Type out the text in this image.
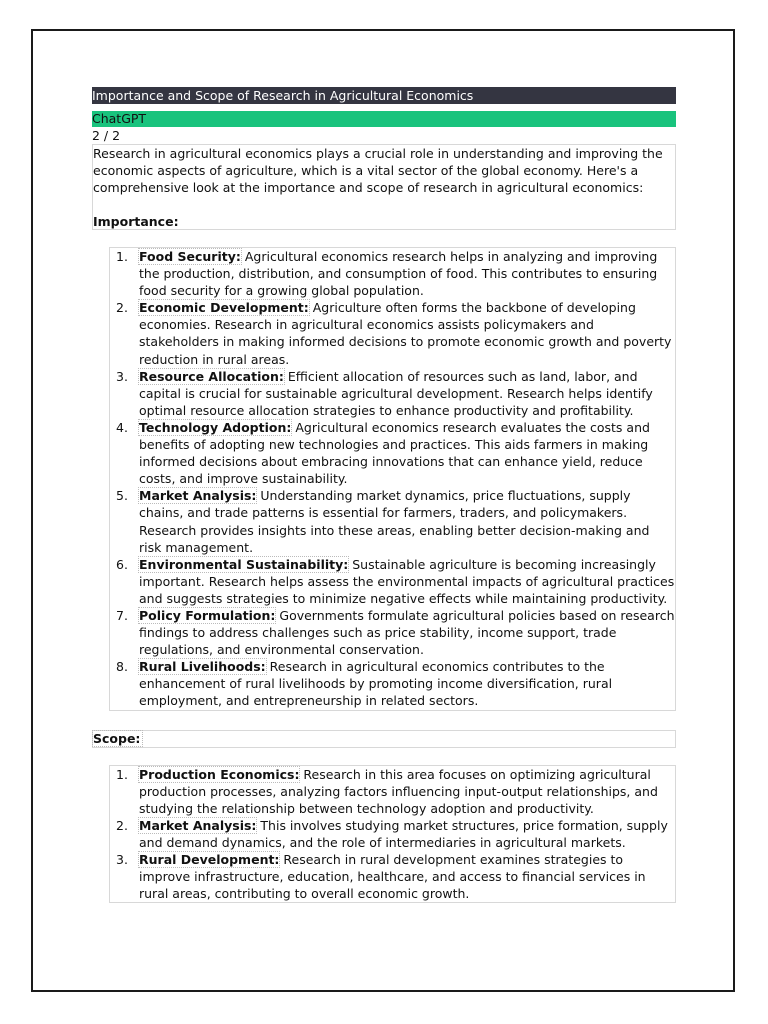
Importance and Scope of Research in Agricultural Economics
ChatGPT
2 / 2

Research in agricultural economics plays a crucial role in understanding and improving the economic aspects of agriculture, which is a vital sector of the global economy. Here's a comprehensive look at the importance and scope of research in agricultural economics:

Importance:
1. Food Security: Agricultural economics research helps in analyzing and improving the production, distribution, and consumption of food. This contributes to ensuring food security for a growing global population.
2. Economic Development: Agriculture often forms the backbone of developing economies. Research in agricultural economics assists policymakers and stakeholders in making informed decisions to promote economic growth and poverty reduction in rural areas.
3. Resource Allocation: Efficient allocation of resources such as land, labor, and capital is crucial for sustainable agricultural development. Research helps identify optimal resource allocation strategies to enhance productivity and profitability.
4. Technology Adoption: Agricultural economics research evaluates the costs and benefits of adopting new technologies and practices. This aids farmers in making informed decisions about embracing innovations that can enhance yield, reduce costs, and improve sustainability.
5. Market Analysis: Understanding market dynamics, price fluctuations, supply chains, and trade patterns is essential for farmers, traders, and policymakers. Research provides insights into these areas, enabling better decision-making and risk management.
6. Environmental Sustainability: Sustainable agriculture is becoming increasingly important. Research helps assess the environmental impacts of agricultural practices and suggests strategies to minimize negative effects while maintaining productivity.
7. Policy Formulation: Governments formulate agricultural policies based on research findings to address challenges such as price stability, income support, trade regulations, and environmental conservation.
8. Rural Livelihoods: Research in agricultural economics contributes to the enhancement of rural livelihoods by promoting income diversification, rural employment, and entrepreneurship in related sectors.
Scope:
1. Production Economics: Research in this area focuses on optimizing agricultural production processes, analyzing factors influencing input-output relationships, and studying the relationship between technology adoption and productivity.
2. Market Analysis: This involves studying market structures, price formation, supply and demand dynamics, and the role of intermediaries in agricultural markets.
3. Rural Development: Research in rural development examines strategies to improve infrastructure, education, healthcare, and access to financial services in rural areas, contributing to overall economic growth.
